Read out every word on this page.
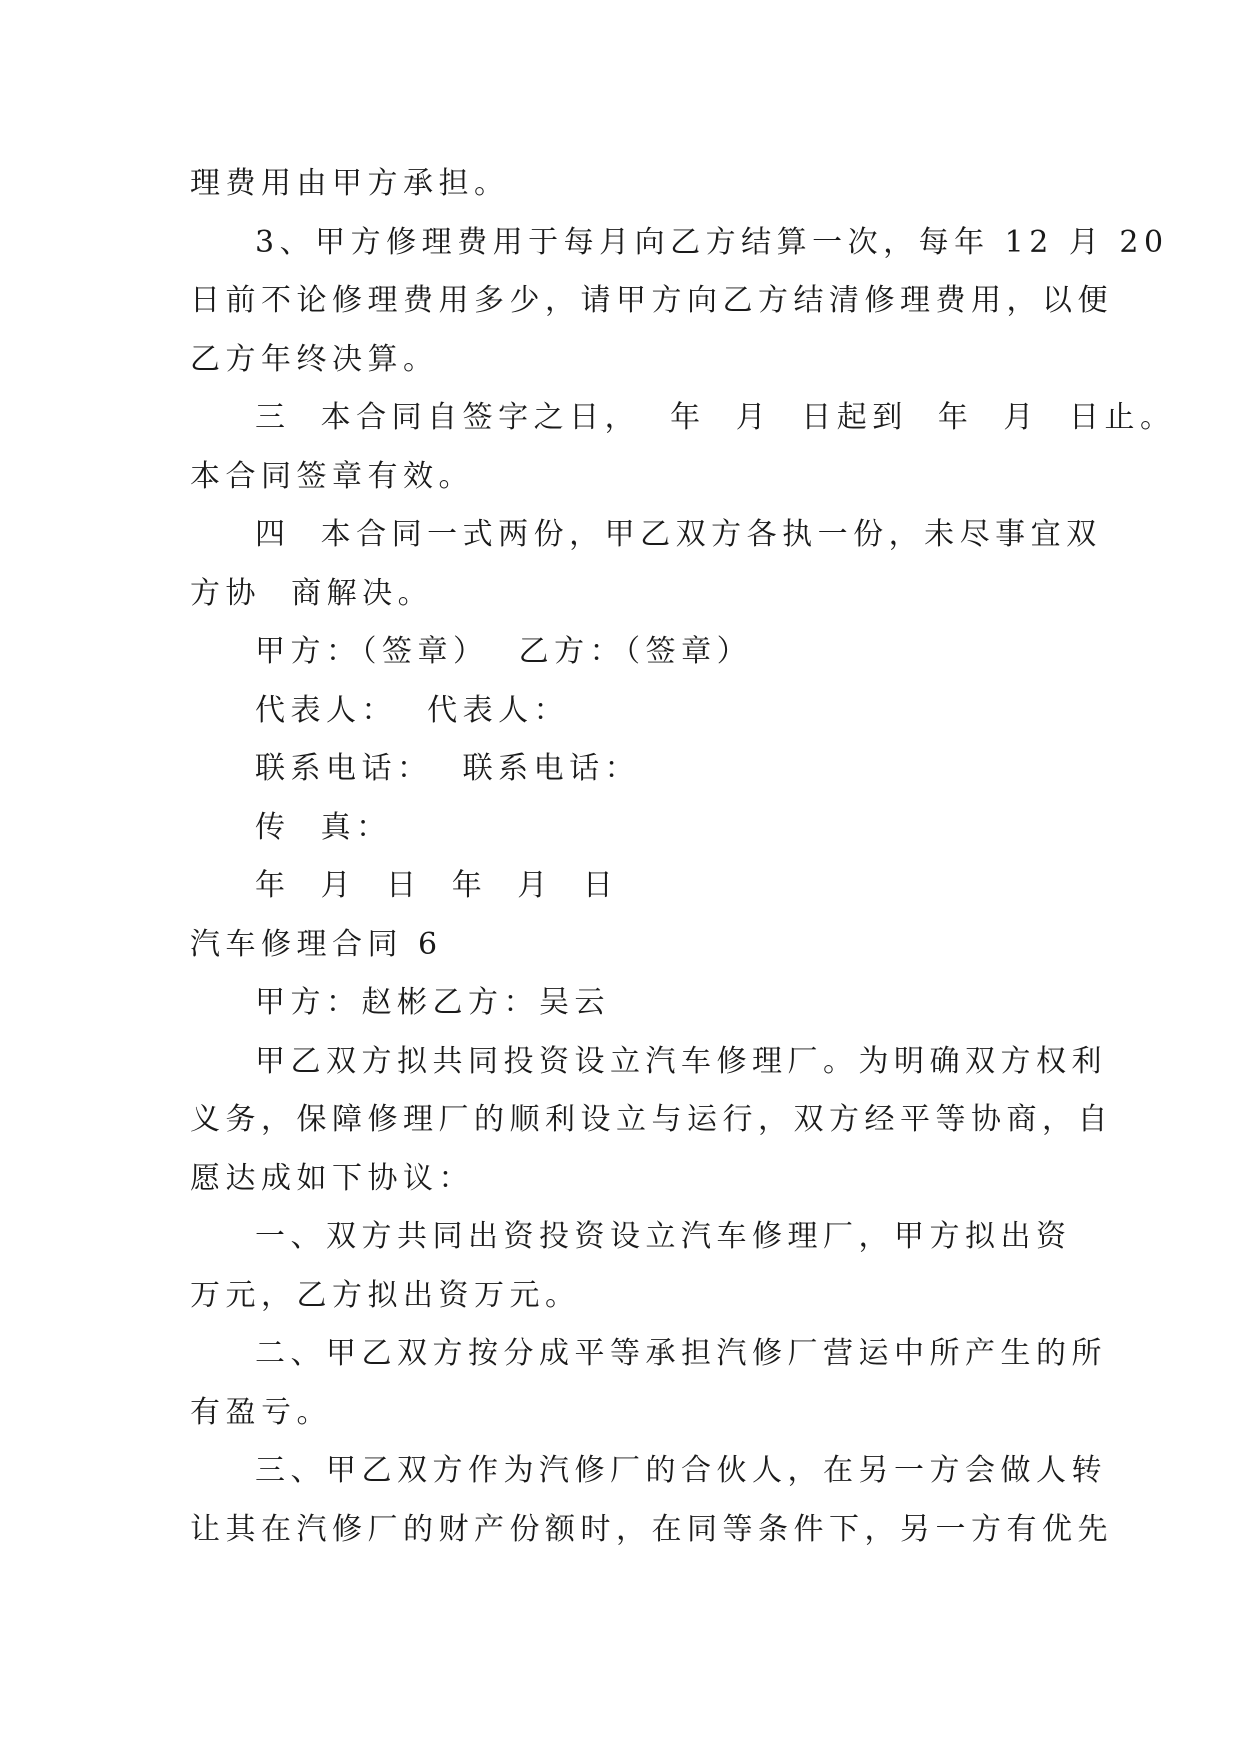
理费用由甲方承担。
3、甲方修理费用于每月向乙方结算一次，每年 12 月 20
日前不论修理费用多少，请甲方向乙方结清修理费用，以便
乙方年终决算。
三  本合同自签字之日，  年  月  日起到  年  月  日止。
本合同签章有效。
四  本合同一式两份，甲乙双方各执一份，未尽事宜双
方协  商解决。
甲方：（签章）  乙方：（签章）
代表人：  代表人：
联系电话：  联系电话：
传  真：
年  月  日  年  月  日
汽车修理合同 6
甲方：赵彬乙方：吴云
甲乙双方拟共同投资设立汽车修理厂。为明确双方权利
义务，保障修理厂的顺利设立与运行，双方经平等协商，自
愿达成如下协议：
一、双方共同出资投资设立汽车修理厂，甲方拟出资
万元，乙方拟出资万元。
二、甲乙双方按分成平等承担汽修厂营运中所产生的所
有盈亏。
三、甲乙双方作为汽修厂的合伙人，在另一方会做人转
让其在汽修厂的财产份额时，在同等条件下，另一方有优先
